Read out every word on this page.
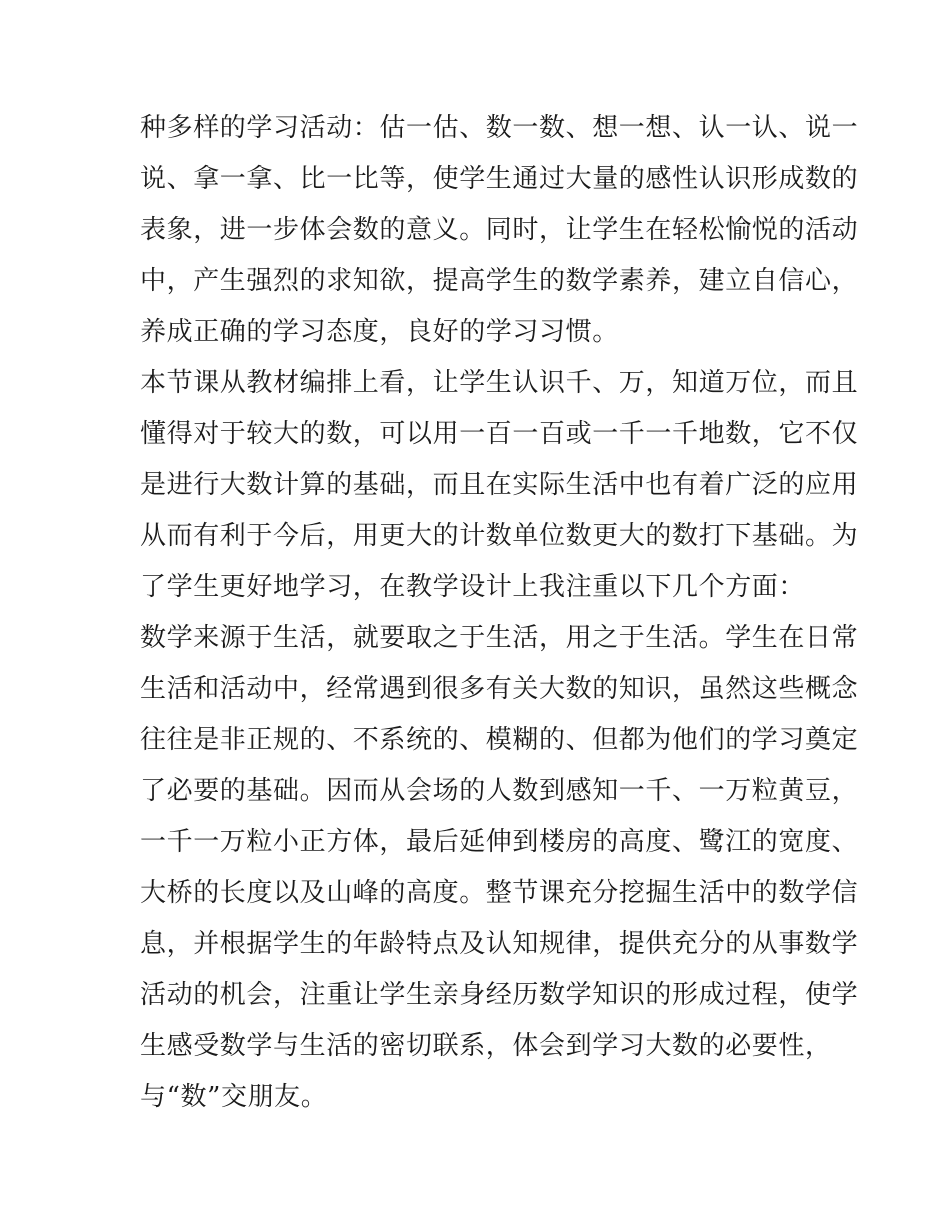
种多样的学习活动：估一估、数一数、想一想、认一认、说一
说、拿一拿、比一比等，使学生通过大量的感性认识形成数的
表象，进一步体会数的意义。同时，让学生在轻松愉悦的活动
中，产生强烈的求知欲，提高学生的数学素养，建立自信心，
养成正确的学习态度，良好的学习习惯。
本节课从教材编排上看，让学生认识千、万，知道万位，而且
懂得对于较大的数，可以用一百一百或一千一千地数，它不仅
是进行大数计算的基础，而且在实际生活中也有着广泛的应用
从而有利于今后，用更大的计数单位数更大的数打下基础。为
了学生更好地学习，在教学设计上我注重以下几个方面：
数学来源于生活，就要取之于生活，用之于生活。学生在日常
生活和活动中，经常遇到很多有关大数的知识，虽然这些概念
往往是非正规的、不系统的、模糊的、但都为他们的学习奠定
了必要的基础。因而从会场的人数到感知一千、一万粒黄豆，
一千一万粒小正方体，最后延伸到楼房的高度、鹭江的宽度、
大桥的长度以及山峰的高度。整节课充分挖掘生活中的数学信
息，并根据学生的年龄特点及认知规律，提供充分的从事数学
活动的机会，注重让学生亲身经历数学知识的形成过程，使学
生感受数学与生活的密切联系，体会到学习大数的必要性，
与“数”交朋友。
